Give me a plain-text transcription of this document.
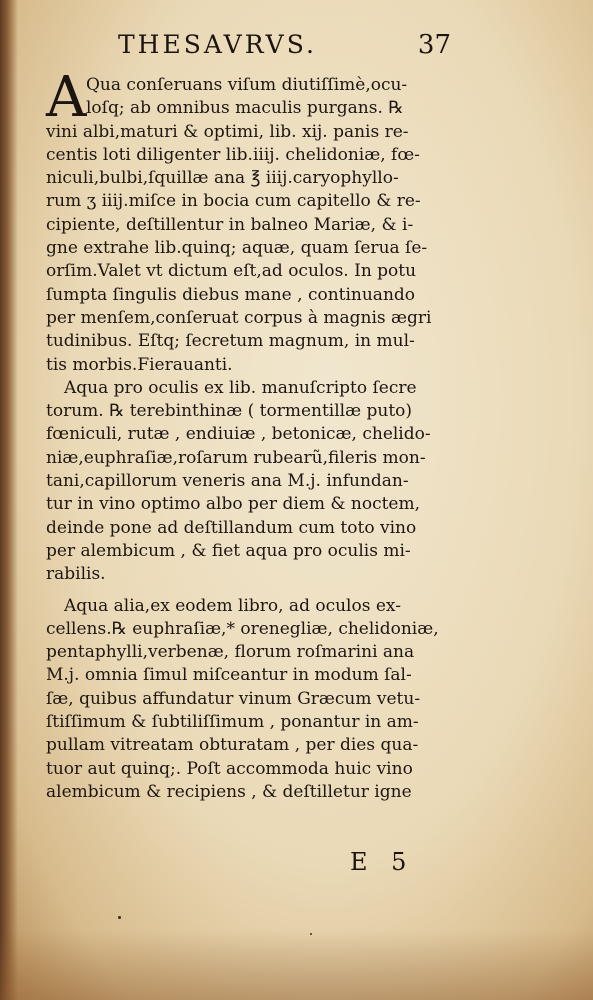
THESAVRVS.	37
A Qua conſeruans viſum diutiſſimè,ocu-
loſq; ab omnibus maculis purgans. ℞
vini albi,maturi & optimi, lib. xij. panis re-
centis loti diligenter lib.iiij. chelidoniæ, fœ-
niculi,bulbi,ſquillæ ana ℥ iiij.caryophyllo-
rum ʒ iiij.miſce in bocia cum capitello & re-
cipiente, deſtillentur in balneo Mariæ, & i-
gne extrahe lib.quinq; aquæ, quam ſerua ſe-
orſim.Valet vt dictum eſt,ad oculos. In potu
ſumpta ſingulis diebus mane , continuando
per menſem,conſeruat corpus à magnis ægri
tudinibus. Eſtq; ſecretum magnum, in mul-
tis morbis.Fierauanti.
Aqua pro oculis ex lib. manuſcripto ſecre
torum. ℞ terebinthinæ ( tormentillæ puto)
fœniculi, rutæ , endiuiæ , betonicæ, chelido-
niæ,euphraſiæ,roſarum rubearũ,fileris mon-
tani,capillorum veneris ana M.j. infundan-
tur in vino optimo albo per diem & noctem,
deinde pone ad deſtillandum cum toto vino
per alembicum , & fiet aqua pro oculis mi-
rabilis.
Aqua alia,ex eodem libro, ad oculos ex-
cellens.℞ euphraſiæ,* orenegliæ, chelidoniæ,
pentaphylli,verbenæ, florum roſmarini ana
M.j. omnia ſimul miſceantur in modum ſal-
ſæ, quibus affundatur vinum Græcum vetu-
ſtiſſimum & ſubtiliſſimum , ponantur in am-
pullam vitreatam obturatam , per dies qua-
tuor aut quinq;. Poſt accommoda huic vino
alembicum & recipiens , & deſtilletur igne
E 5
